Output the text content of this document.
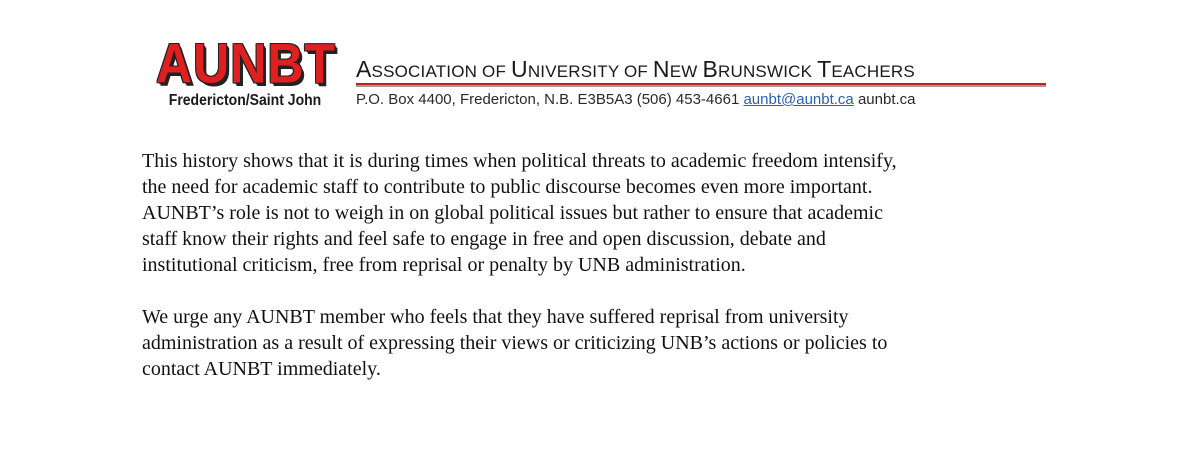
AUNBT
Fredericton/Saint John
ASSOCIATION OF UNIVERSITY OF NEW BRUNSWICK TEACHERS
P.O. Box 4400, Fredericton, N.B. E3B5A3 (506) 453-4661 aunbt@aunbt.ca aunbt.ca

This history shows that it is during times when political threats to academic freedom intensify,
the need for academic staff to contribute to public discourse becomes even more important.
AUNBT’s role is not to weigh in on global political issues but rather to ensure that academic
staff know their rights and feel safe to engage in free and open discussion, debate and
institutional criticism, free from reprisal or penalty by UNB administration.

We urge any AUNBT member who feels that they have suffered reprisal from university
administration as a result of expressing their views or criticizing UNB’s actions or policies to
contact AUNBT immediately.
